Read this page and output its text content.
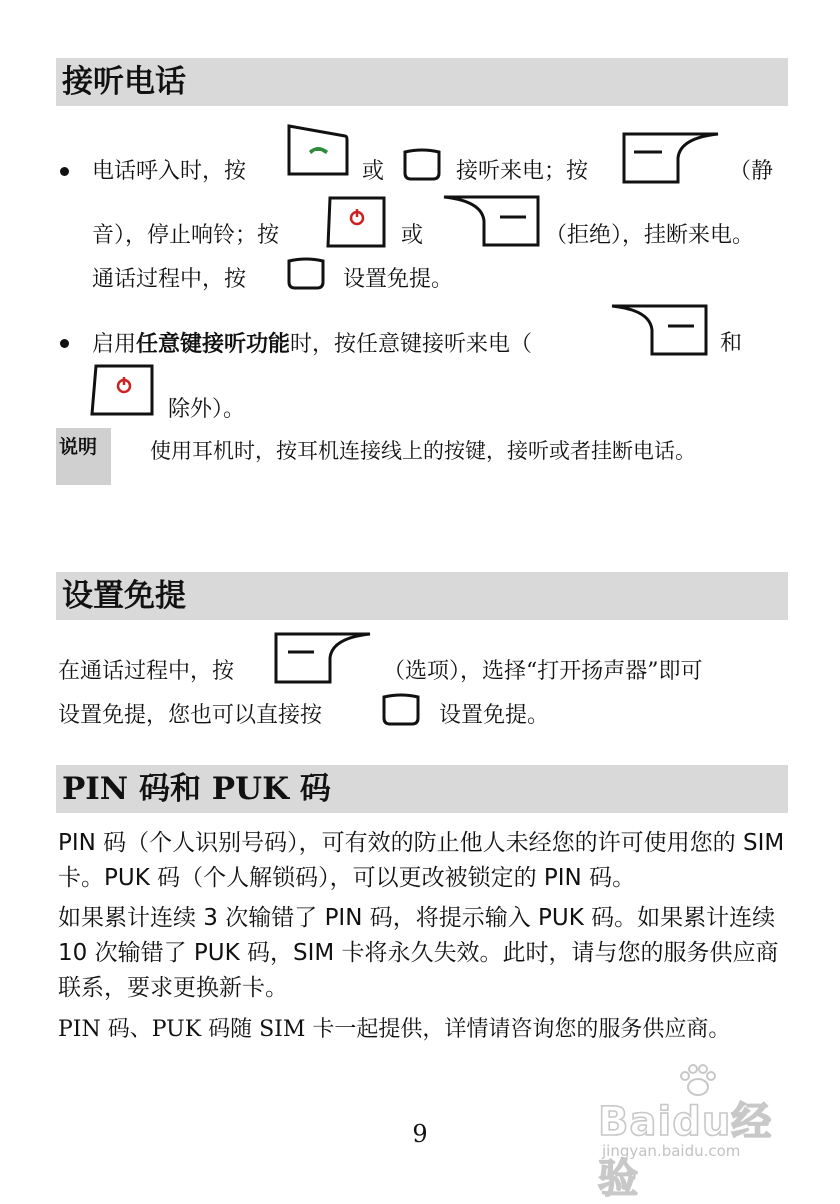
接听电话
电话呼入时，按	或	接听来电；按	（静
音），停止响铃；按	或	（拒绝），挂断来电。
通话过程中，按	设置免提。
启用任意键接听功能时，按任意键接听来电（	和
除外）。
说明	使用耳机时，按耳机连接线上的按键，接听或者挂断电话。
设置免提
在通话过程中，按	（选项），选择“打开扬声器”即可
设置免提，您也可以直接按	设置免提。
PIN 码和 PUK 码
PIN 码（个人识别号码），可有效的防止他人未经您的许可使用您的 SIM 卡。PUK 码（个人解锁码），可以更改被锁定的 PIN 码。
如果累计连续 3 次输错了 PIN 码，将提示输入 PUK 码。如果累计连续 10 次输错了 PUK 码，SIM 卡将永久失效。此时，请与您的服务供应商联系，要求更换新卡。
PIN 码、PUK 码随 SIM 卡一起提供，详情请咨询您的服务供应商。
9	Baidu经验
jingyan.baidu.com
